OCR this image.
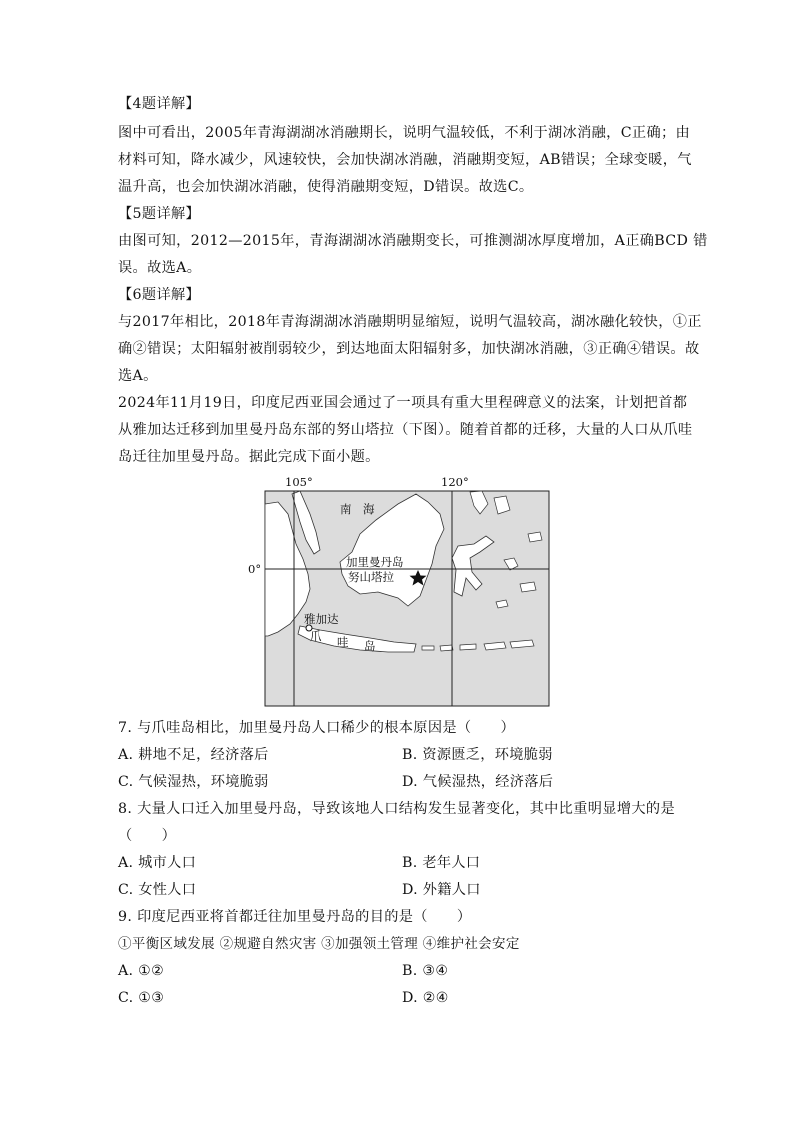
【4题详解】
图中可看出，2005年青海湖湖冰消融期长，说明气温较低，不利于湖冰消融，C正确；由
材料可知，降水减少，风速较快，会加快湖冰消融，消融期变短，AB错误；全球变暖，气
温升高，也会加快湖冰消融，使得消融期变短，D错误。故选C。
【5题详解】
由图可知，2012—2015年，青海湖湖冰消融期变长，可推测湖冰厚度增加，A正确BCD 错
误。故选A。
【6题详解】
与2017年相比，2018年青海湖湖冰消融期明显缩短，说明气温较高，湖冰融化较快，①正
确②错误；太阳辐射被削弱较少，到达地面太阳辐射多，加快湖冰消融，③正确④错误。故
选A。
2024年11月19日，印度尼西亚国会通过了一项具有重大里程碑意义的法案，计划把首都
从雅加达迁移到加里曼丹岛东部的努山塔拉（下图）。随着首都的迁移，大量的人口从爪哇
岛迁往加里曼丹岛。据此完成下面小题。
105°	120°
0°
南　海
加里曼丹岛
努山塔拉
雅加达
爪 哇 岛
7. 与爪哇岛相比，加里曼丹岛人口稀少的根本原因是（　　）
A. 耕地不足，经济落后	B. 资源匮乏，环境脆弱
C. 气候湿热，环境脆弱	D. 气候湿热，经济落后
8. 大量人口迁入加里曼丹岛，导致该地人口结构发生显著变化，其中比重明显增大的是
（　　）
A. 城市人口	B. 老年人口
C. 女性人口	D. 外籍人口
9. 印度尼西亚将首都迁往加里曼丹岛的目的是（　　）
①平衡区域发展 ②规避自然灾害 ③加强领土管理 ④维护社会安定
A. ①②	B. ③④
C. ①③	D. ②④
